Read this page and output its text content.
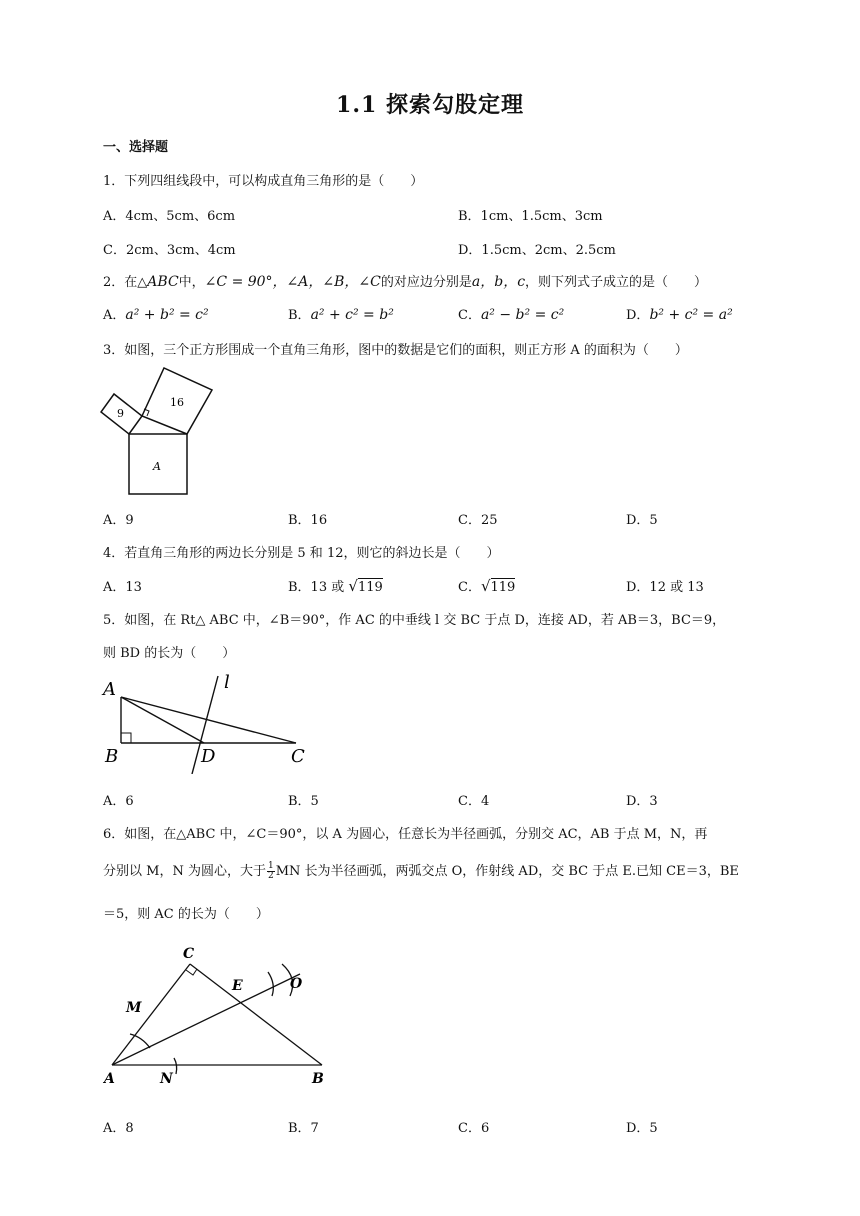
1.1 探索勾股定理
一、选择题
1．下列四组线段中，可以构成直角三角形的是（　　）
A．4cm、5cm、6cm	B．1cm、1.5cm、3cm
C．2cm、3cm、4cm	D．1.5cm、2cm、2.5cm
2．在△ABC中，∠C = 90°，∠A，∠B，∠C的对应边分别是a，b，c，则下列式子成立的是（　　）
A．a² + b² = c²	B．a² + c² = b²	C．a² − b² = c²	D．b² + c² = a²
3．如图，三个正方形围成一个直角三角形，图中的数据是它们的面积，则正方形 A 的面积为（　　）
9
16
A
A．9	B．16	C．25	D．5
4．若直角三角形的两边长分别是 5 和 12，则它的斜边长是（　　）
A．13	B．13 或 √119	C．√119	D．12 或 13
5．如图，在 Rt△ ABC 中，∠B＝90°，作 AC 的中垂线 l 交 BC 于点 D，连接 AD，若 AB＝3，BC＝9，
则 BD 的长为（　　）
A
B	D	C
l
A．6	B．5	C．4	D．3
6．如图，在△ABC 中，∠C＝90°，以 A 为圆心，任意长为半径画弧，分别交 AC，AB 于点 M，N，再
分别以 M，N 为圆心，大于 $\frac{1}{2}$ MN 长为半径画弧，两弧交点 O，作射线 AD，交 BC 于点 E.已知 CE＝3，BE
＝5，则 AC 的长为（　　）
C
M
E	O
A	N	B
A．8	B．7	C．6	D．5
